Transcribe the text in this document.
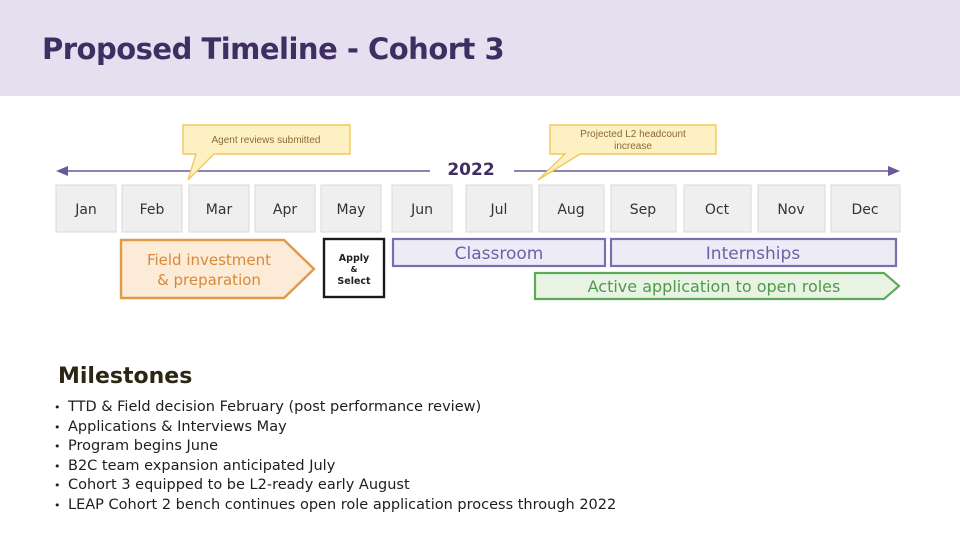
Proposed Timeline - Cohort 3
2022
Agent reviews submitted
Projected L2 headcount
increase
Jan	Feb	Mar	Apr	May	Jun	Jul	Aug	Sep	Oct	Nov	Dec
Field investment
& preparation
Apply
&
Select
Classroom	Internships
Active application to open roles
Milestones
• TTD & Field decision February (post performance review)
• Applications & Interviews May
• Program begins June
• B2C team expansion anticipated July
• Cohort 3 equipped to be L2-ready early August
• LEAP Cohort 2 bench continues open role application process through 2022
